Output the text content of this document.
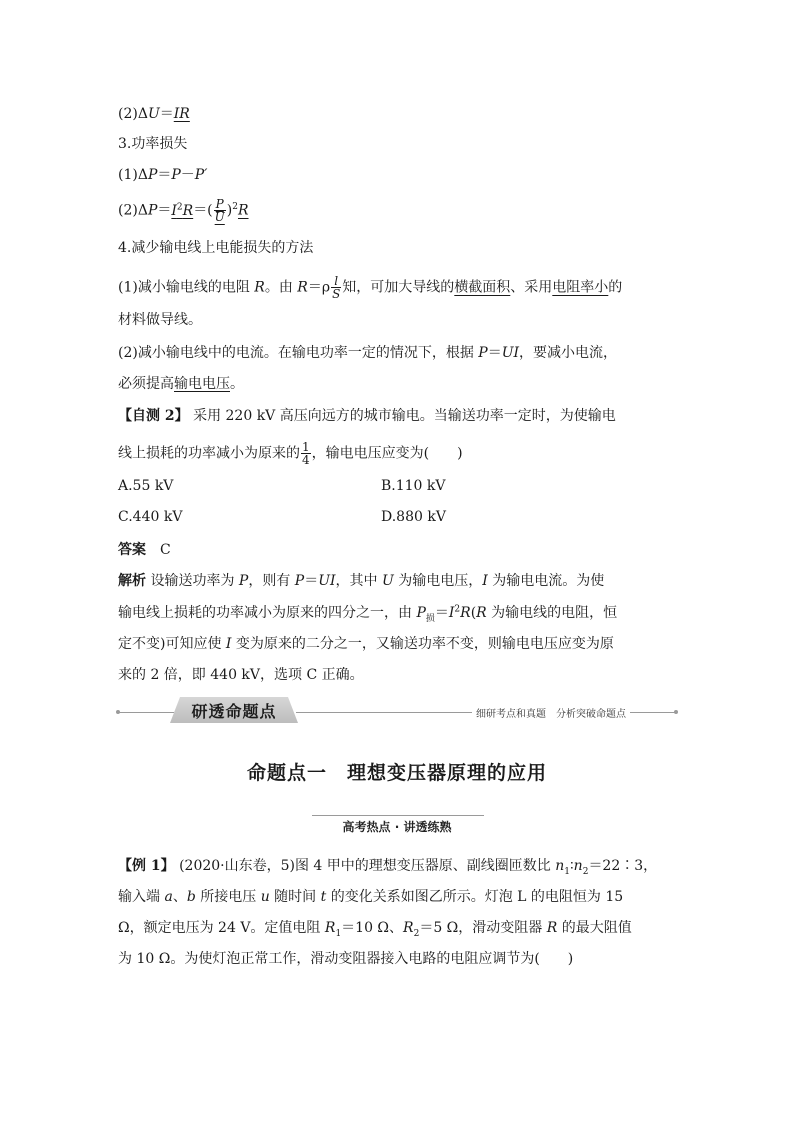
(2)ΔU＝IR
3.功率损失
(1)ΔP＝P－P′
$(2)\Delta P=I^2R=( \frac{P}{U} )^2R$
4.减少输电线上电能损失的方法
(1)减小输电线的电阻 R。由 $R=\rho \frac{l}{S}$ 知，可加大导线的横截面积、采用电阻率小的
材料做导线。
(2)减小输电线中的电流。在输电功率一定的情况下，根据 P＝UI，要减小电流，
必须提高输电电压。
【自测 2】 采用 220 kV 高压向远方的城市输电。当输送功率一定时，为使输电
线上损耗的功率减小为原来的 $\frac{1}{4}$ ，输电电压应变为(　　)
A.55 kV	B.110 kV
C.440 kV	D.880 kV
答案　 C
解析 设输送功率为 P，则有 P＝UI，其中 U 为输电电压，I 为输电电流。为使
输电线上损耗的功率减小为原来的四分之一，由 $P_损=I^2R(R$ 为输电线的电阻，恒
定不变)可知应使 I 变为原来的二分之一，又输送功率不变，则输电电压应变为原
来的 2 倍，即 440 kV，选项 C 正确。
研透命题点	细研考点和真题　分析突破命题点
命题点一　理想变压器原理的应用
高考热点 · 讲透练熟
【例 1】 (2020·山东卷，5)图 4 甲中的理想变压器原、副线圈匝数比 $n_1∶n_2=22∶3$，
输入端 a、b 所接电压 u 随时间 t 的变化关系如图乙所示。灯泡 L 的电阻恒为 15
Ω，额定电压为 24 V。定值电阻 $R_1=10$ Ω、$R_2=5$ Ω，滑动变阻器 R 的最大阻值
为 10 Ω。为使灯泡正常工作，滑动变阻器接入电路的电阻应调节为(　　)
